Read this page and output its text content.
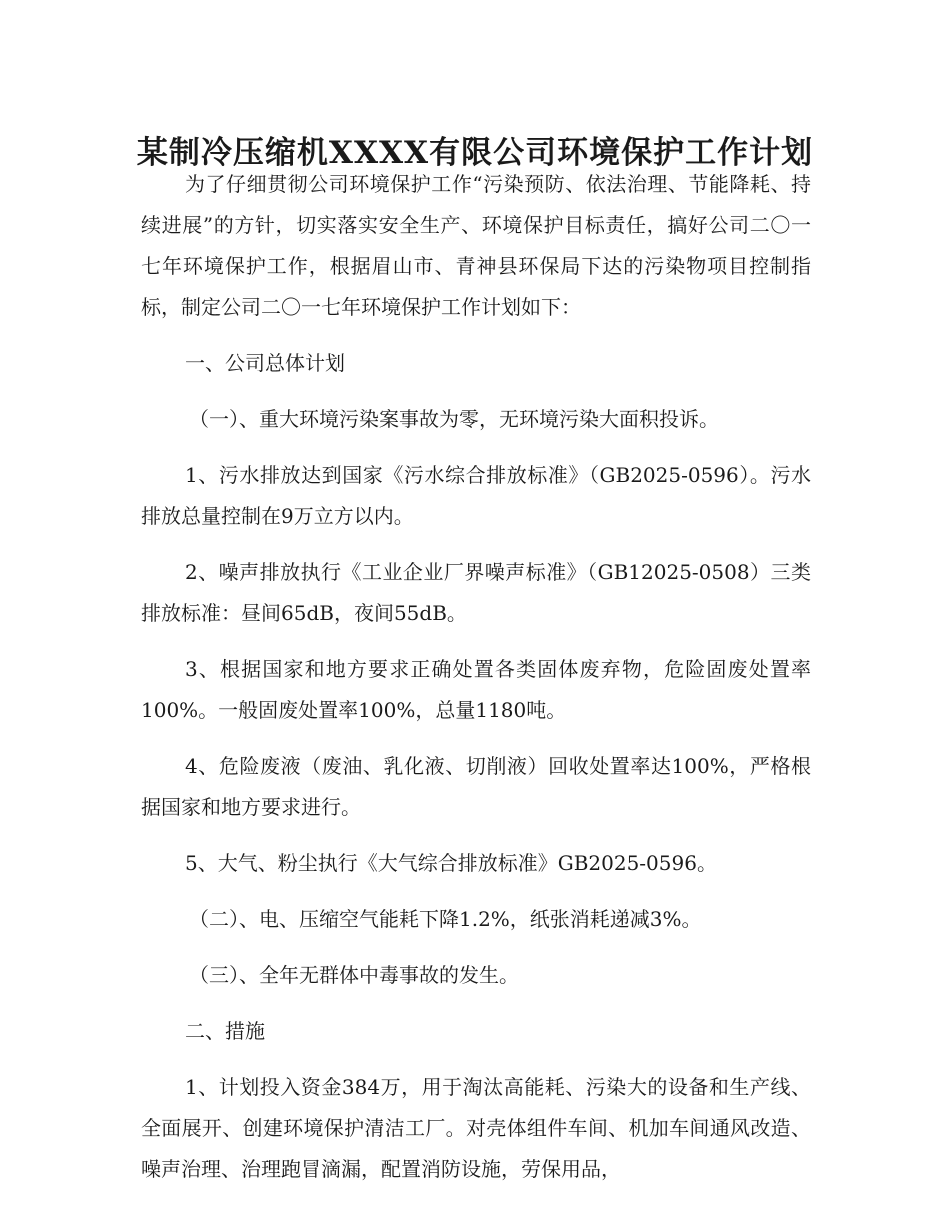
某制冷压缩机XXXX有限公司环境保护工作计划

为了仔细贯彻公司环境保护工作“污染预防、依法治理、节能降耗、持续进展”的方针，切实落实安全生产、环境保护目标责任，搞好公司二〇一七年环境保护工作，根据眉山市、青神县环保局下达的污染物项目控制指标，制定公司二〇一七年环境保护工作计划如下：

一、公司总体计划

（一）、重大环境污染案事故为零，无环境污染大面积投诉。

1、污水排放达到国家《污水综合排放标准》（GB2025-0596）。污水排放总量控制在9万立方以内。

2、噪声排放执行《工业企业厂界噪声标准》（GB12025-0508）三类排放标准：昼间65dB，夜间55dB。

3、根据国家和地方要求正确处置各类固体废弃物，危险固废处置率100%。一般固废处置率100%，总量1180吨。

4、危险废液（废油、乳化液、切削液）回收处置率达100%，严格根据国家和地方要求进行。

5、大气、粉尘执行《大气综合排放标准》GB2025-0596。

（二）、电、压缩空气能耗下降1.2%，纸张消耗递减3%。

（三）、全年无群体中毒事故的发生。

二、措施

1、计划投入资金384万，用于淘汰高能耗、污染大的设备和生产线、全面展开、创建环境保护清洁工厂。对壳体组件车间、机加车间通风改造、噪声治理、治理跑冒滴漏，配置消防设施，劳保用品，
